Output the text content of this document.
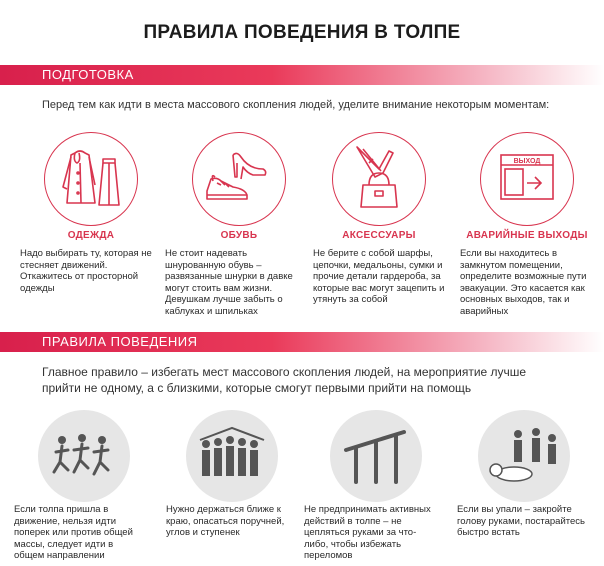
ПРАВИЛА ПОВЕДЕНИЯ В ТОЛПЕ
ПОДГОТОВКА
Перед тем как идти в места массового скопления людей, уделите внимание некоторым моментам:
ВЫХОД
ОДЕЖДА	ОБУВЬ	АКСЕССУАРЫ	АВАРИЙНЫЕ ВЫХОДЫ
Надо выбирать ту, которая не стесняет движений. Откажитесь от просторной одежды
Не стоит надевать шнурованную обувь – развязанные шнурки в давке могут стоить вам жизни. Девушкам лучше забыть о каблуках и шпильках
Не берите с собой шарфы, цепочки, медальоны, сумки и прочие детали гардероба, за которые вас могут зацепить и утянуть за собой
Если вы находитесь в замкнутом помещении, определите возможные пути эвакуации. Это касается как основных выходов, так и аварийных
ПРАВИЛА ПОВЕДЕНИЯ
Главное правило – избегать мест массового скопления людей, на мероприятие лучше прийти не одному, а с близкими, которые смогут первыми прийти на помощь
Если толпа пришла в движение, нельзя идти поперек или против общей массы, следует идти в общем направлении
Нужно держаться ближе к краю, опасаться поручней, углов и ступенек
Не предпринимать активных действий в толпе – не цепляться руками за что-либо, чтобы избежать переломов
Если вы упали – закройте голову руками, постарайтесь быстро встать
